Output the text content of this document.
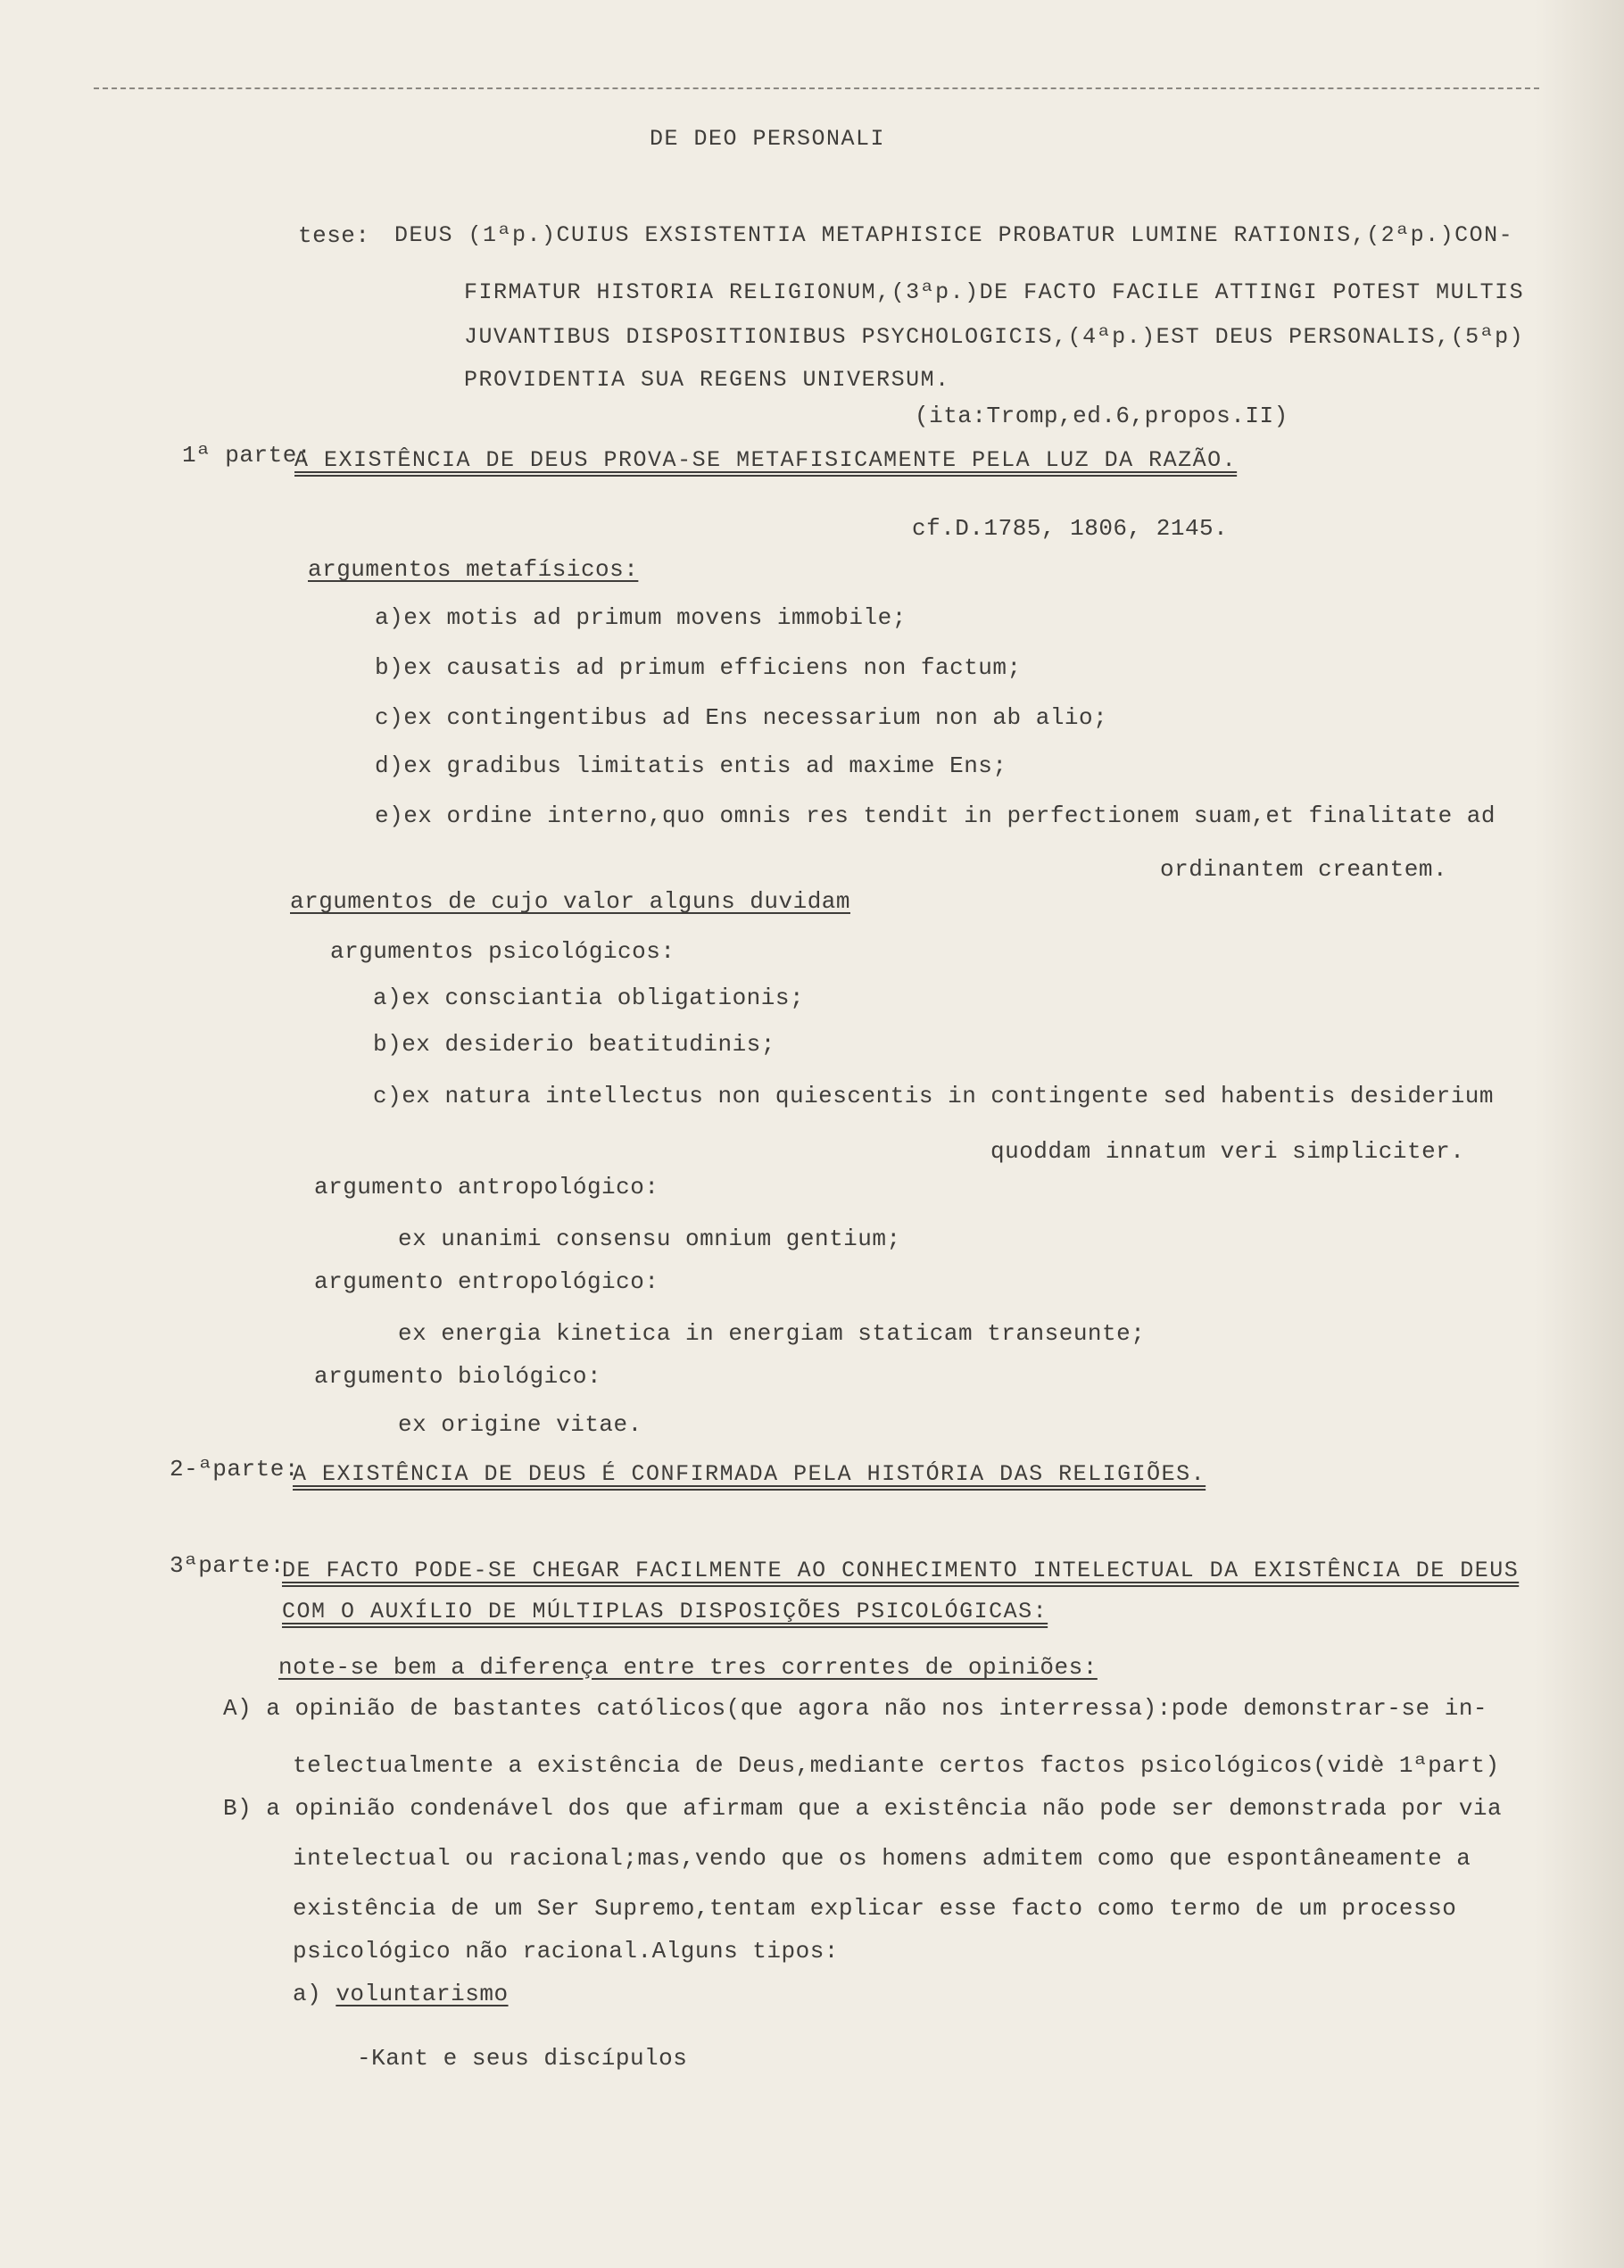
DE DEO PERSONALI
tese: DEUS (1ªp.)CUIUS EXSISTENTIA METAPHISICE PROBATUR LUMINE RATIONIS,(2ªp.)CON-
FIRMATUR HISTORIA RELIGIONUM,(3ªp.)DE FACTO FACILE ATTINGI POTEST MULTIS
JUVANTIBUS DISPOSITIONIBUS PSYCHOLOGICIS,(4ªp.)EST DEUS PERSONALIS,(5ªp)
PROVIDENTIA SUA REGENS UNIVERSUM.
(ita:Tromp,ed.6,propos.II)
1ª parte:
A EXISTÊNCIA DE DEUS PROVA-SE METAFISICAMENTE PELA LUZ DA RAZÃO.
cf.D.1785, 1806, 2145.
argumentos metafísicos:
a)ex motis ad primum movens immobile;
b)ex causatis ad primum efficiens non factum;
c)ex contingentibus ad Ens necessarium non ab alio;
d)ex gradibus limitatis entis ad maxime Ens;
e)ex ordine interno,quo omnis res tendit in perfectionem suam,et finalitate ad
ordinantem creantem.
argumentos de cujo valor alguns duvidam
argumentos psicológicos:
a)ex consciantia obligationis;
b)ex desiderio beatitudinis;
c)ex natura intellectus non quiescentis in contingente sed habentis desiderium
quoddam innatum veri simpliciter.
argumento antropológico:
ex unanimi consensu omnium gentium;
argumento entropológico:
ex energia kinetica in energiam staticam transeunte;
argumento biológico:
ex origine vitae.
2-ªparte:
A EXISTÊNCIA DE DEUS É CONFIRMADA PELA HISTÓRIA DAS RELIGIÕES.
3ªparte:
DE FACTO PODE-SE CHEGAR FACILMENTE AO CONHECIMENTO INTELECTUAL DA EXISTÊNCIA DE DEUS
COM O AUXÍLIO DE MÚLTIPLAS DISPOSIÇÕES PSICOLÓGICAS:
note-se bem a diferença entre tres correntes de opiniões:
A) a opinião de bastantes católicos(que agora não nos interressa):pode demonstrar-se in-
telectualmente a existência de Deus,mediante certos factos psicológicos(vidè 1ªpart)
B) a opinião condenável dos que afirmam que a existência não pode ser demonstrada por via
intelectual ou racional;mas,vendo que os homens admitem como que espontâneamente a
existência de um Ser Supremo,tentam explicar esse facto como termo de um processo
psicológico não racional.Alguns tipos:
a) voluntarismo
-Kant e seus discípulos
